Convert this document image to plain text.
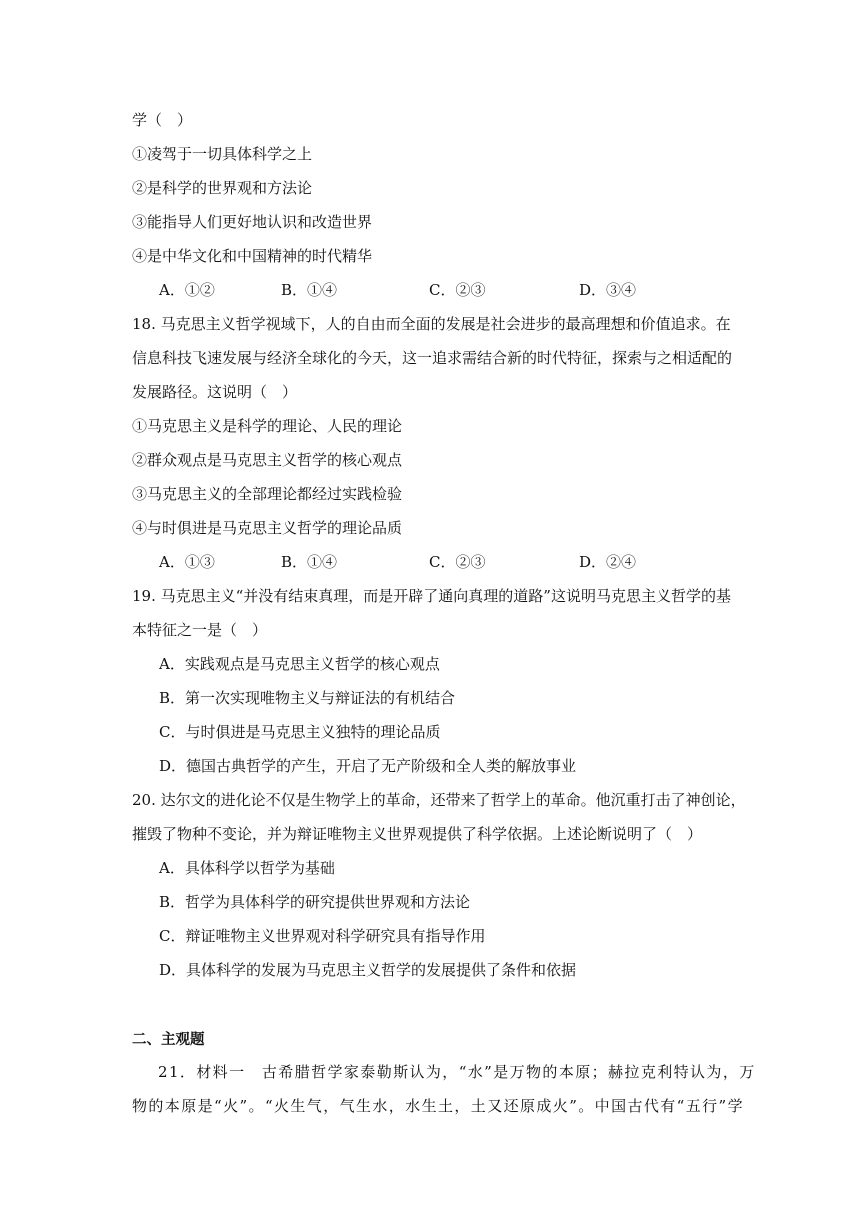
学（　）
①凌驾于一切具体科学之上
②是科学的世界观和方法论
③能指导人们更好地认识和改造世界
④是中华文化和中国精神的时代精华
A．①②	B．①④	C．②③	D．③④
18. 马克思主义哲学视域下，人的自由而全面的发展是社会进步的最高理想和价值追求。在
信息科技飞速发展与经济全球化的今天，这一追求需结合新的时代特征，探索与之相适配的
发展路径。这说明（　）
①马克思主义是科学的理论、人民的理论
②群众观点是马克思主义哲学的核心观点
③马克思主义的全部理论都经过实践检验
④与时俱进是马克思主义哲学的理论品质
A．①③	B．①④	C．②③	D．②④
19. 马克思主义“并没有结束真理，而是开辟了通向真理的道路”这说明马克思主义哲学的基
本特征之一是（　）
A．实践观点是马克思主义哲学的核心观点
B．第一次实现唯物主义与辩证法的有机结合
C．与时俱进是马克思主义独特的理论品质
D．德国古典哲学的产生，开启了无产阶级和全人类的解放事业
20. 达尔文的进化论不仅是生物学上的革命，还带来了哲学上的革命。他沉重打击了神创论，
摧毁了物种不变论，并为辩证唯物主义世界观提供了科学依据。上述论断说明了（　）
A．具体科学以哲学为基础
B．哲学为具体科学的研究提供世界观和方法论
C．辩证唯物主义世界观对科学研究具有指导作用
D．具体科学的发展为马克思主义哲学的发展提供了条件和依据
二、主观题
21．材料一　古希腊哲学家泰勒斯认为，“水”是万物的本原；赫拉克利特认为，万
物的本原是“火”。“火生气，气生水，水生土，土又还原成火”。中国古代有“五行”学
